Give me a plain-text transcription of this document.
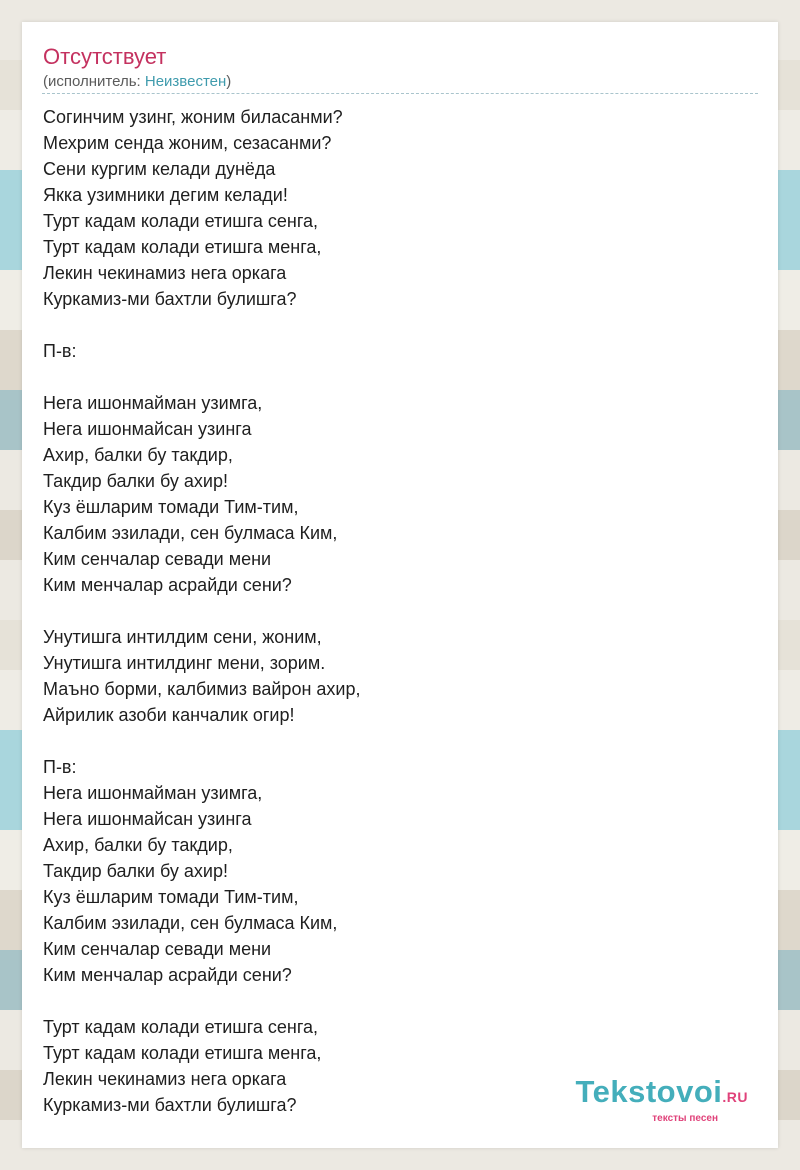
Отсутствует
(исполнитель: Неизвестен)
Согинчим узинг, жоним биласанми?
Мехрим сенда жоним, сезасанми?
Сени кургим келади дунёда
Якка узимники дегим келади!
Турт кадам колади етишга сенга,
Турт кадам колади етишга менга,
Лекин чекинамиз нега оркага
Куркамиз-ми бахтли булишга?
П-в:
Нега ишонмайман узимга,
Нега ишонмайсан узинга
Ахир, балки бу такдир,
Такдир балки бу ахир!
Куз ёшларим томади Тим-тим,
Калбим эзилади, сен булмаса Ким,
Ким сенчалар севади мени
Ким менчалар асрайди сени?
Унутишга интилдим сени, жоним,
Унутишга интилдинг мени, зорим.
Маъно борми, калбимиз вайрон ахир,
Айрилик азоби канчалик огир!
П-в:
Нега ишонмайман узимга,
Нега ишонмайсан узинга
Ахир, балки бу такдир,
Такдир балки бу ахир!
Куз ёшларим томади Тим-тим,
Калбим эзилади, сен булмаса Ким,
Ким сенчалар севади мени
Ким менчалар асрайди сени?
Турт кадам колади етишга сенга,
Турт кадам колади етишга менга,
Лекин чекинамиз нега оркага
Куркамиз-ми бахтли булишга?	Tekstovoi.RU
тексты песен
